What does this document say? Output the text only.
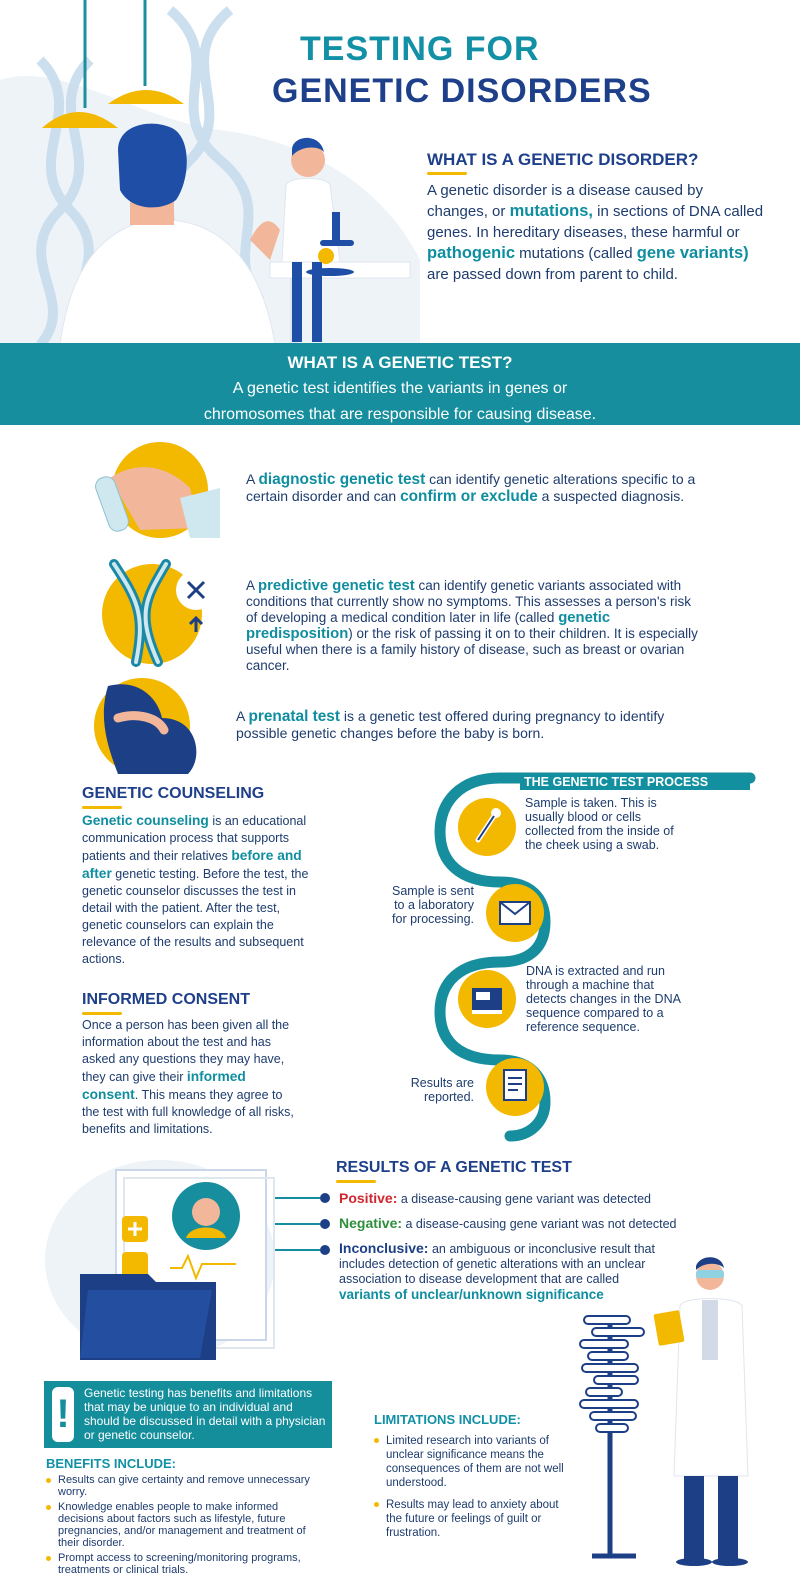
TESTING FOR
GENETIC DISORDERS
WHAT IS A GENETIC DISORDER?
A genetic disorder is a disease caused by changes, or mutations, in sections of DNA called genes. In hereditary diseases, these harmful or pathogenic mutations (called gene variants) are passed down from parent to child.
WHAT IS A GENETIC TEST?

A genetic test identifies the variants in genes or

chromosomes that are responsible for causing disease.

A diagnostic genetic test can identify genetic alterations specific to a certain disorder and can confirm or exclude a suspected diagnosis.
A predictive genetic test can identify genetic variants associated with conditions that currently show no symptoms. This assesses a person's risk of developing a medical condition later in life (called genetic predisposition) or the risk of passing it on to their children. It is especially useful when there is a family history of disease, such as breast or ovarian cancer.
A prenatal test is a genetic test offered during pregnancy to identify possible genetic changes before the baby is born.
GENETIC COUNSELING
Genetic counseling is an educational communication process that supports patients and their relatives before and after genetic testing. Before the test, the genetic counselor discusses the test in detail with the patient. After the test, genetic counselors can explain the relevance of the results and subsequent actions.
INFORMED CONSENT
Once a person has been given all the information about the test and has asked any questions they may have, they can give their informed consent. This means they agree to the test with full knowledge of all risks, benefits and limitations.
THE GENETIC TEST PROCESS
Sample is taken. This is usually blood or cells collected from the inside of the cheek using a swab.
Sample is sent to a laboratory for processing.
DNA is extracted and run through a machine that detects changes in the DNA sequence compared to a reference sequence.
Results are reported.
RESULTS OF A GENETIC TEST
Positive: a disease-causing gene variant was detected
Negative: a disease-causing gene variant was not detected
Inconclusive: an ambiguous or inconclusive result that includes detection of genetic alterations with an unclear association to disease development that are called variants of unclear/unknown significance
!	Genetic testing has benefits and limitations that may be unique to an individual and should be discussed in detail with a physician or genetic counselor.
BENEFITS INCLUDE:
Results can give certainty and remove unnecessary worry.
Knowledge enables people to make informed decisions about factors such as lifestyle, future pregnancies, and/or management and treatment of their disorder.
Prompt access to screening/monitoring programs, treatments or clinical trials.
LIMITATIONS INCLUDE:
Limited research into variants of unclear significance means the consequences of them are not well understood.
Results may lead to anxiety about the future or feelings of guilt or frustration.
